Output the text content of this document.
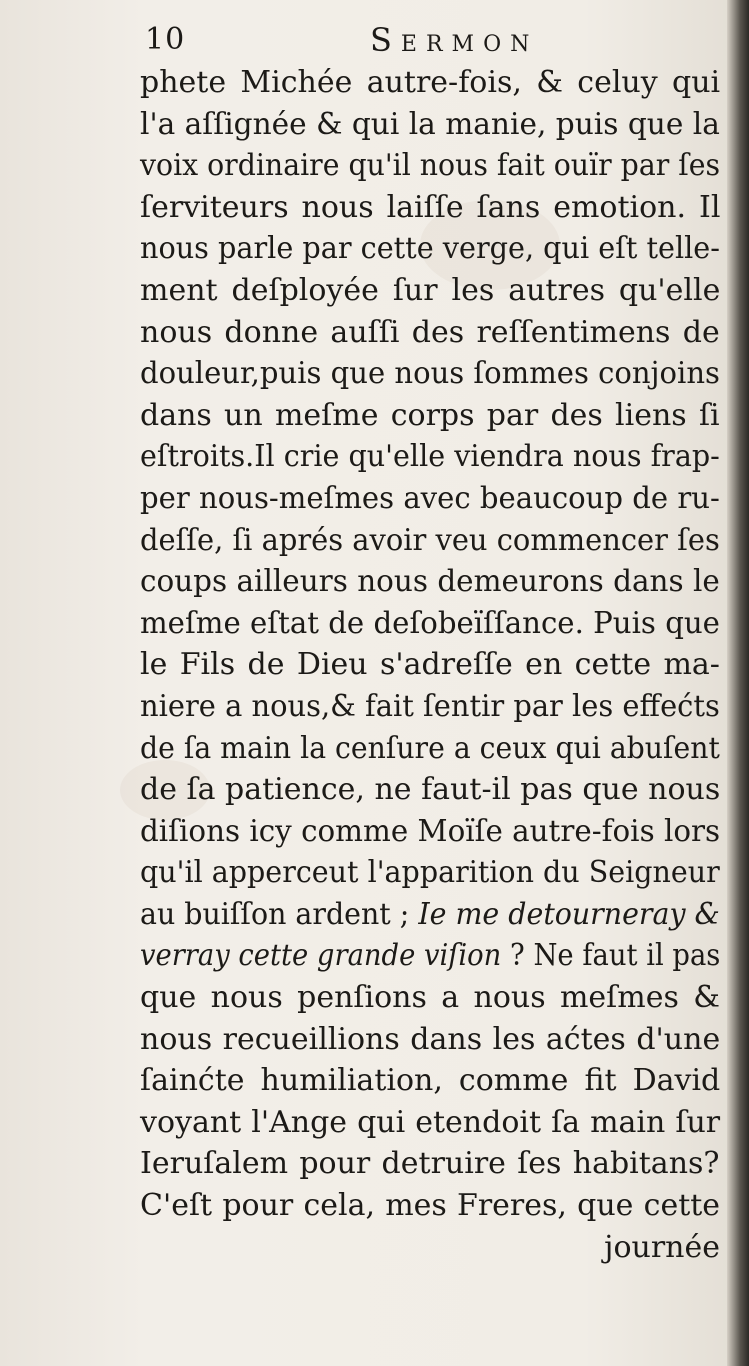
10	Sermon
phete Michée autre-fois, & celuy qui
l'a aſſignée & qui la manie, puis que la
voix ordinaire qu'il nous fait ouïr par ſes
ſerviteurs nous laiſſe ſans emotion. Il
nous parle par cette verge, qui eſt telle-
ment deſployée ſur les autres qu'elle
nous donne auſſi des reſſentimens de
douleur,puis que nous ſommes conjoins
dans un meſme corps par des liens ſi
eſtroits.Il crie qu'elle viendra nous frap-
per nous-meſmes avec beaucoup de ru-
deſſe, ſi aprés avoir veu commencer ſes
coups ailleurs nous demeurons dans le
meſme eſtat de deſobeïſſance. Puis que
le Fils de Dieu s'adreſſe en cette ma-
niere a nous,& fait ſentir par les effećts
de ſa main la cenſure a ceux qui abuſent
de ſa patience, ne faut-il pas que nous
diſions icy comme Moïſe autre-fois lors
qu'il apperceut l'apparition du Seigneur
au buiſſon ardent ; Ie me detourneray &
verray cette grande viſion ? Ne faut il pas
que nous penſions a nous meſmes &
nous recueillions dans les aćtes d'une
ſainćte humiliation, comme fit David
voyant l'Ange qui etendoit ſa main ſur
Ieruſalem pour detruire ſes habitans?
C'eſt pour cela, mes Freres, que cette
journée
